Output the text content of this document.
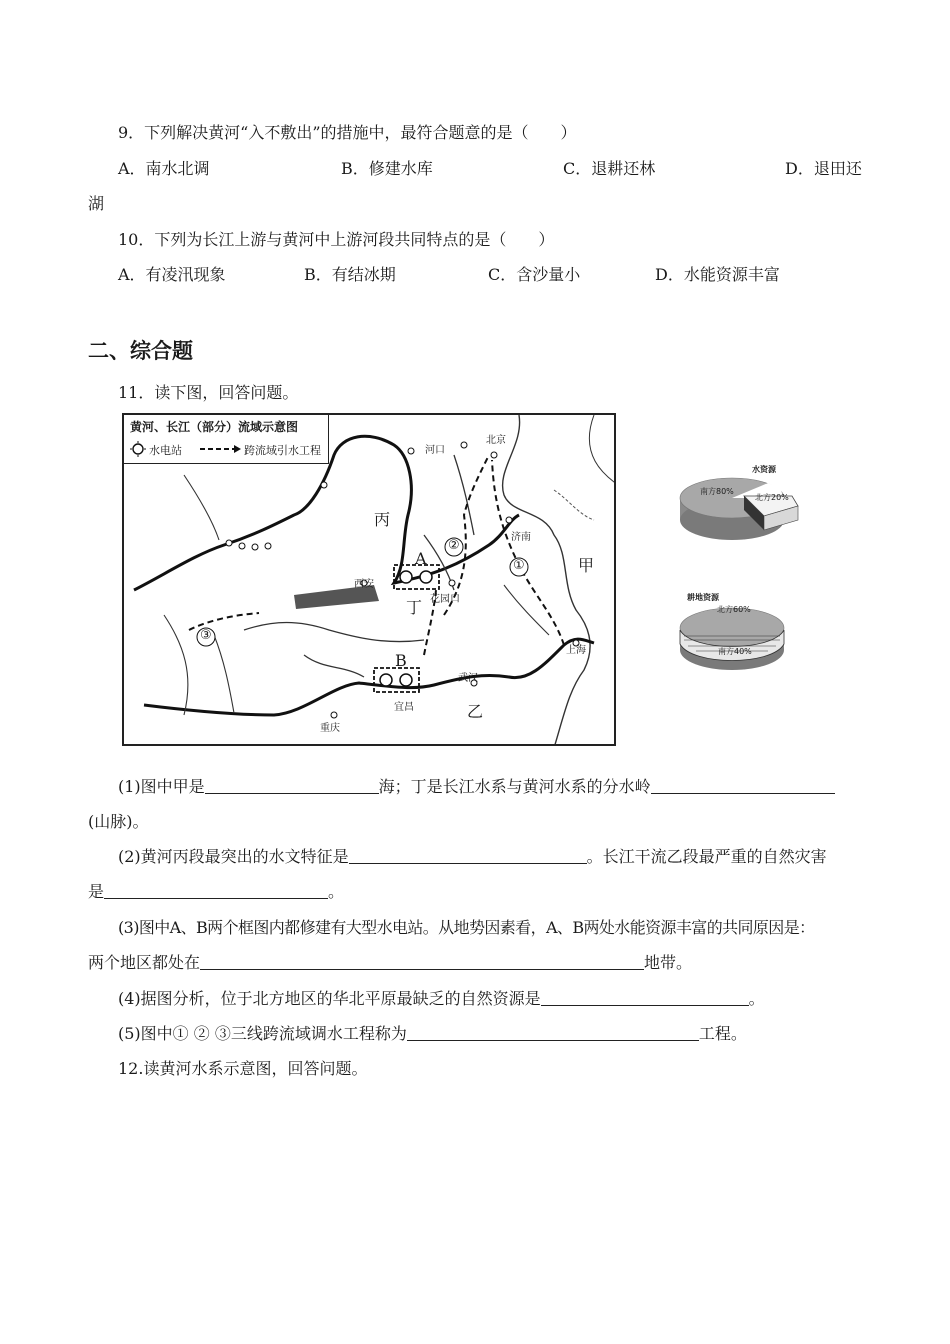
9．下列解决黄河“入不敷出”的措施中，最符合题意的是（　　）
A．南水北调	B．修建水库	C．退耕还林	D．退田还
湖
10．下列为长江上游与黄河中上游河段共同特点的是（　　）
A．有凌汛现象	B．有结冰期	C．含沙量小	D．水能资源丰富
二、综合题
11．读下图，回答问题。
黄河、长江（部分）流域示意图
水电站	跨流域引水工程	河口
北京
济南
西安
花园口
武汉
宜昌
重庆
上海
丙
丁
甲
乙
A
B
①
②
③
水资源
南方80%
北方20%
耕地资源
北方60%
南方40%
(1)图中甲是	海；丁是长江水系与黄河水系的分水岭
(山脉)。
(2)黄河丙段最突出的水文特征是	。长江干流乙段最严重的自然灾害
是	。
(3)图中A、B两个框图内都修建有大型水电站。从地势因素看，A、B两处水能资源丰富的共同原因是：
两个地区都处在	地带。
(4)据图分析，位于北方地区的华北平原最缺乏的自然资源是	。
(5)图中① ② ③三线跨流域调水工程称为	工程。
12.读黄河水系示意图，回答问题。
